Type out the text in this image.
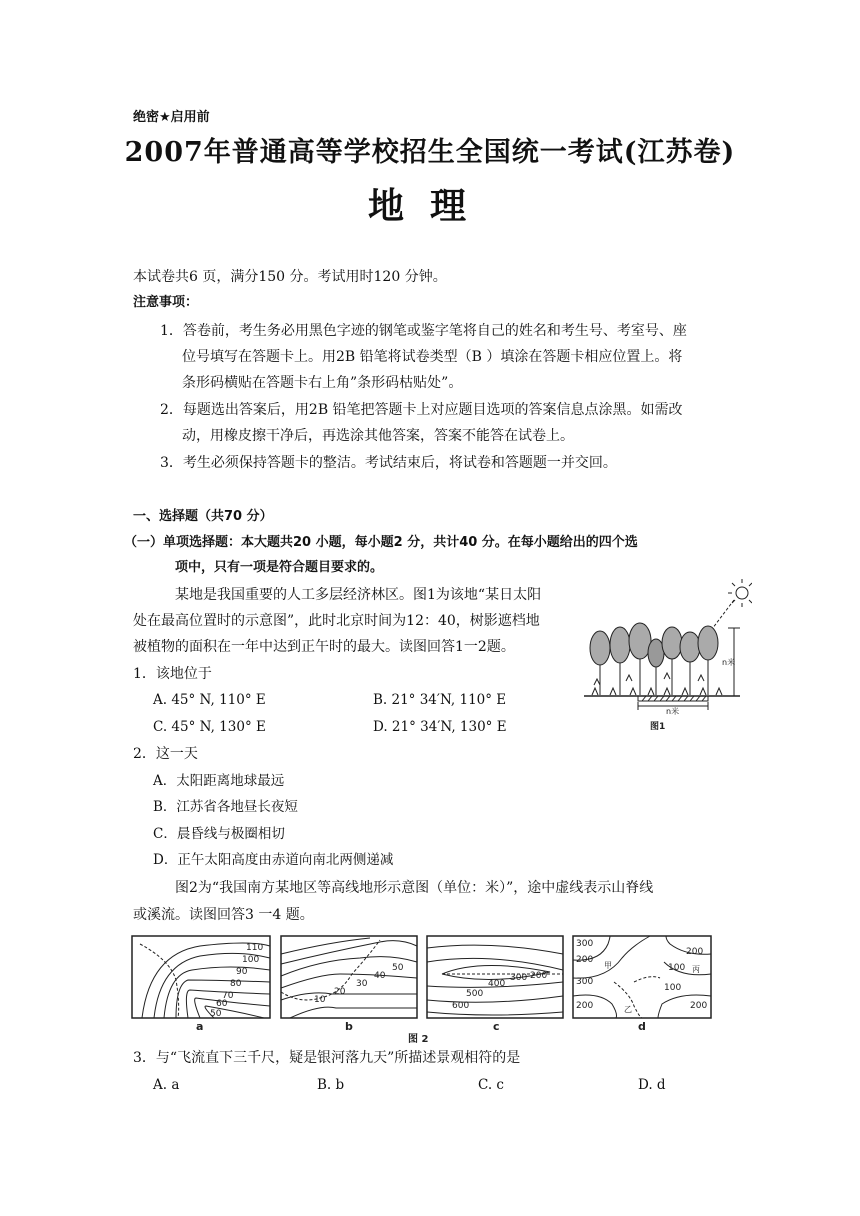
绝密★启用前
2007年普通高等学校招生全国统一考试(江苏卷)
地理
本试卷共6 页，满分150 分。考试用时120 分钟。
注意事项：
1．答卷前，考生务必用黑色字迹的钢笔或鉴字笔将自己的姓名和考生号、考室号、座
位号填写在答题卡上。用2B 铅笔将试卷类型（B ）填涂在答题卡相应位置上。将
条形码横贴在答题卡右上角”条形码枯贴处”。
2．每题选出答案后，用2B 铅笔把答题卡上对应题目选项的答案信息点涂黑。如需改
动，用橡皮擦干净后，再选涂其他答案，答案不能答在试卷上。
3．考生必须保持答题卡的整洁。考试结束后，将试卷和答题题一并交回。
一、选择题（共70 分）
（一）单项选择题：本大题共20 小题，每小题2 分，共计40 分。在每小题给出的四个选
项中，只有一项是符合题目要求的。
某地是我国重要的人工多层经济林区。图1为该地“某日太阳
处在最高位置时的示意图”，此时北京时间为12：40，树影遮档地
被植物的面积在一年中达到正午时的最大。读图回答1一2题。
n米
n米
图1
1．该地位于
A. 45° N, 110° E	B. 21° 34′N, 110° E
C. 45° N, 130° E	D. 21° 34′N, 130° E
2．这一天
A．太阳距离地球最远
B．江苏省各地昼长夜短
C．晨昏线与极圈相切
D．正午太阳高度由赤道向南北两侧递减
图2为“我国南方某地区等高线地形示意图（单位：米）”，途中虚线表示山脊线
或溪流。读图回答3 一4 题。
110
100
90
80
70
60
50
50
40
30
20
10
600
500
400
300 200
300
200
200
100
100
200
200
300
甲
乙
丙
a	b	c	d
图 2
3．与“飞流直下三千尺，疑是银河落九天”所描述景观相符的是
A. a	B. b	C. c	D. d
